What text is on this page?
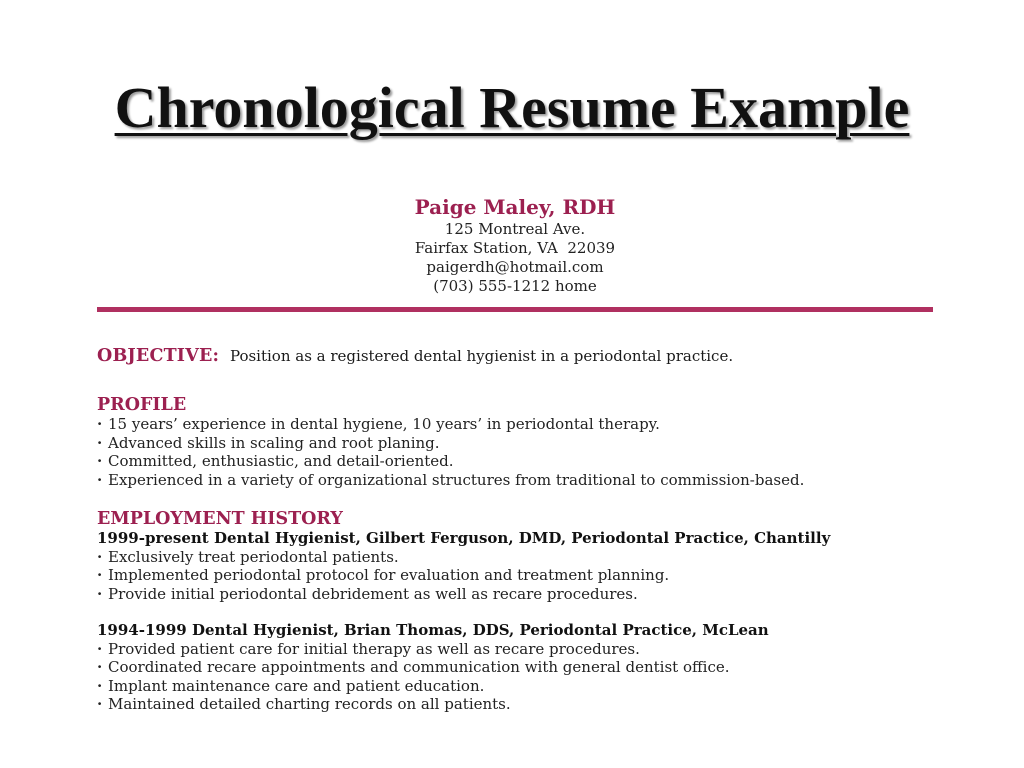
Chronological Resume Example
Paige Maley, RDH
125 Montreal Ave.
Fairfax Station, VA  22039
paigerdh@hotmail.com
(703) 555-1212 home
OBJECTIVE: Position as a registered dental hygienist in a periodontal practice.
PROFILE
· 15 years’ experience in dental hygiene, 10 years’ in periodontal therapy.
· Advanced skills in scaling and root planing.
· Committed, enthusiastic, and detail-oriented.
· Experienced in a variety of organizational structures from traditional to commission-based.
EMPLOYMENT HISTORY
1999-present Dental Hygienist, Gilbert Ferguson, DMD, Periodontal Practice, Chantilly
· Exclusively treat periodontal patients.
· Implemented periodontal protocol for evaluation and treatment planning.
· Provide initial periodontal debridement as well as recare procedures.
1994-1999 Dental Hygienist, Brian Thomas, DDS, Periodontal Practice, McLean
· Provided patient care for initial therapy as well as recare procedures.
· Coordinated recare appointments and communication with general dentist office.
· Implant maintenance care and patient education.
· Maintained detailed charting records on all patients.
